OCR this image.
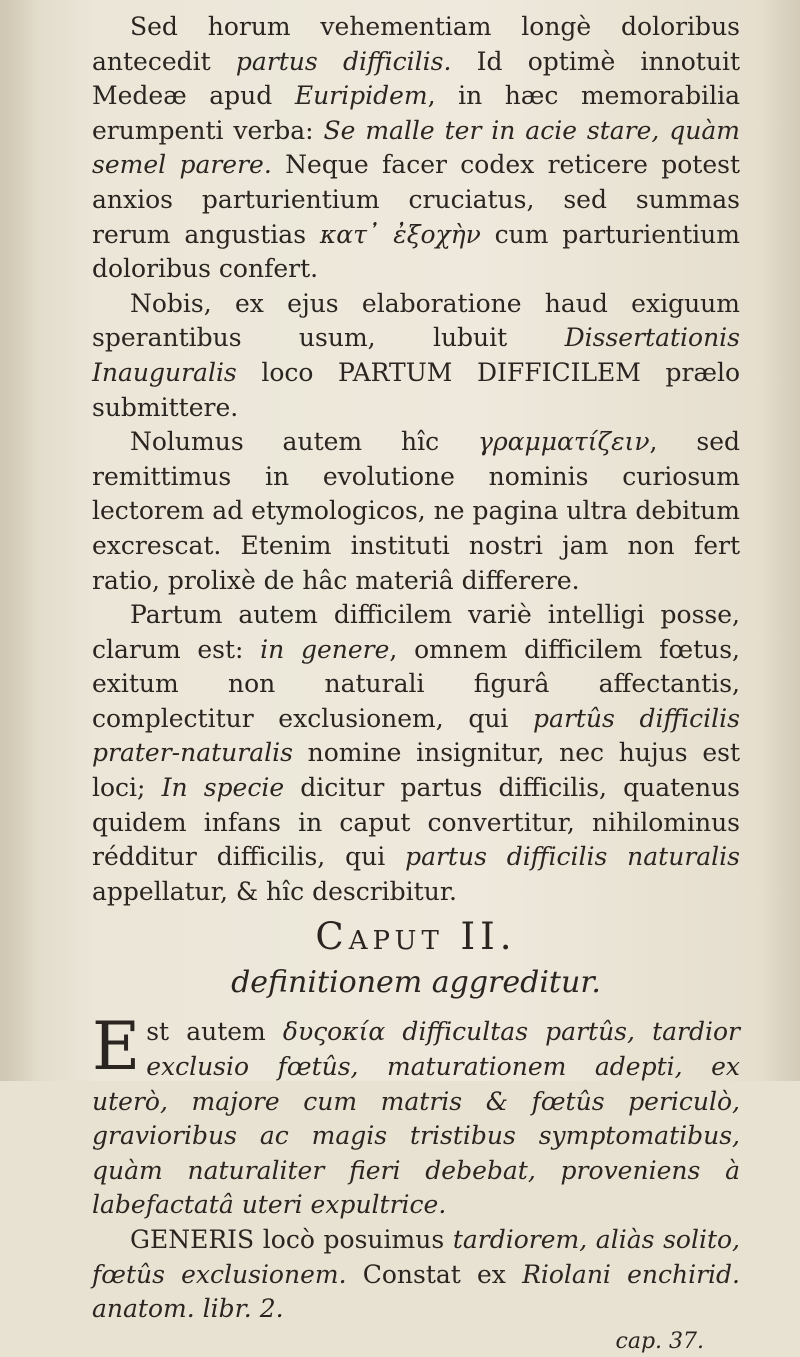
Sed horum vehementiam longè doloribus antecedit partus difficilis. Id optimè innotuit Medeæ apud Euripidem, in hæc memorabilia erumpenti verba: Se malle ter in acie stare, quàm semel parere. Neque facer codex reticere potest anxios parturientium cruciatus, sed summas rerum angustias κατ᾿ ἐξοχὴν cum parturientium doloribus confert.

Nobis, ex ejus elaboratione haud exiguum sperantibus usum, lubuit Dissertationis Inauguralis loco PARTUM DIFFICILEM prælo submittere.

Nolumus autem hîc γραμματίζειν, sed remittimus in evolutione nominis curiosum lectorem ad etymologicos, ne pagina ultra debitum excrescat. Etenim instituti nostri jam non fert ratio, prolixè de hâc materiâ differere.

Partum autem difficilem variè intelligi posse, clarum est: in genere, omnem difficilem fœtus, exitum non naturali figurâ affectantis, complectitur exclusionem, qui partûs difficilis prater-naturalis nomine insignitur, nec hujus est loci; In specie dicitur partus difficilis, quatenus quidem infans in caput convertitur, nihilominus rédditur difficilis, qui partus difficilis naturalis appellatur, & hîc describitur.

Caput II.
definitionem aggreditur.

Est autem δυςοκία difficultas partûs, tardior exclusio fœtûs, maturationem adepti, ex uterò, majore cum matris & fœtûs periculò, gravioribus ac magis tristibus symptomatibus, quàm naturaliter fieri debebat, proveniens à labefactatâ uteri expultrice.

GENERIS locò posuimus tardiorem, aliàs solito, fœtûs exclusionem. Constat ex Riolani enchirid. anatom. libr. 2.

cap. 37.
